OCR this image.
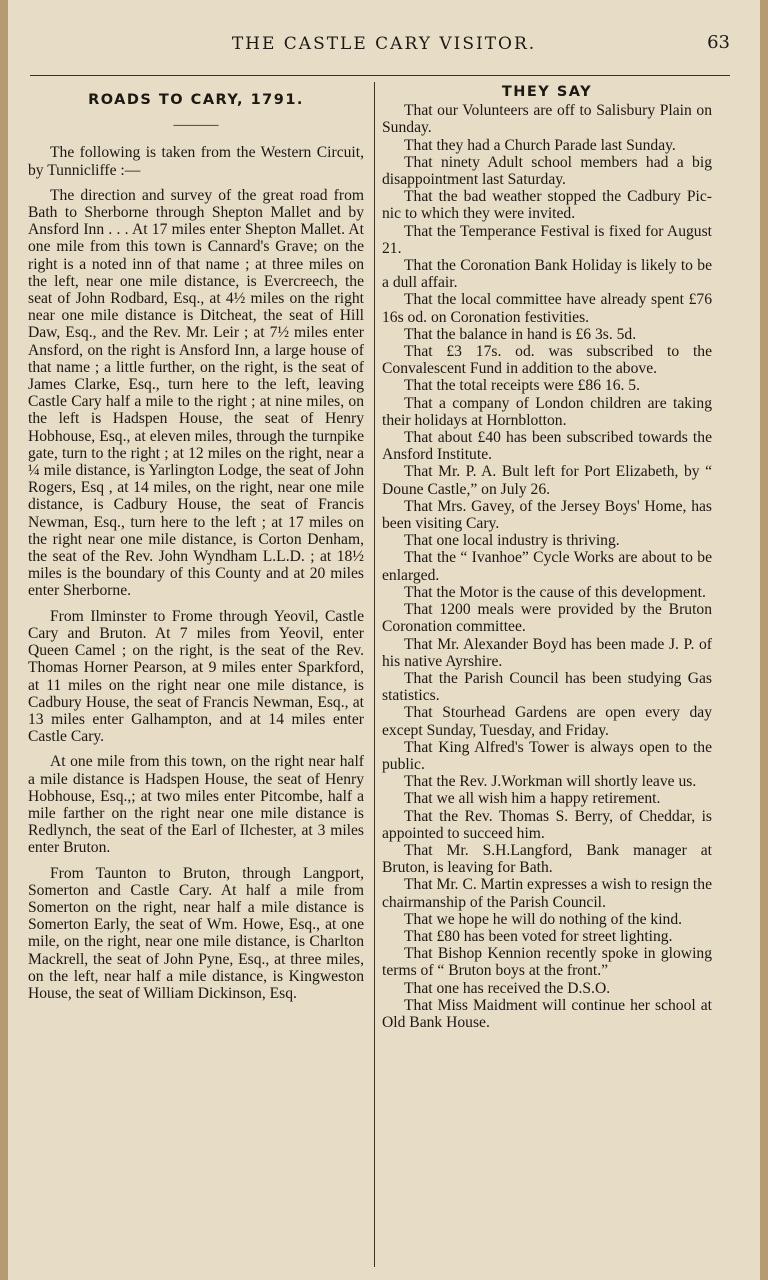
THE CASTLE CARY VISITOR.	63
ROADS TO CARY, 1791.
———

The following is taken from the Western Circuit, by Tunnicliffe :—

The direction and survey of the great road from Bath to Sherborne through Shepton Mallet and by Ansford Inn . . . At 17 miles enter Shepton Mallet. At one mile from this town is Cannard's Grave; on the right is a noted inn of that name ; at three miles on the left, near one mile distance, is Evercreech, the seat of John Rodbard, Esq., at 4½ miles on the right near one mile distance is Ditcheat, the seat of Hill Daw, Esq., and the Rev. Mr. Leir ; at 7½ miles enter Ansford, on the right is Ansford Inn, a large house of that name ; a little further, on the right, is the seat of James Clarke, Esq., turn here to the left, leaving Castle Cary half a mile to the right ; at nine miles, on the left is Hadspen House, the seat of Henry Hobhouse, Esq., at eleven miles, through the turnpike gate, turn to the right ; at 12 miles on the right, near a ¼ mile distance, is Yarlington Lodge, the seat of John Rogers, Esq , at 14 miles, on the right, near one mile distance, is Cadbury House, the seat of Francis Newman, Esq., turn here to the left ; at 17 miles on the right near one mile distance, is Corton Denham, the seat of the Rev. John Wyndham L.L.D. ; at 18½ miles is the boundary of this County and at 20 miles enter Sherborne.

From Ilminster to Frome through Yeovil, Castle Cary and Bruton. At 7 miles from Yeovil, enter Queen Camel ; on the right, is the seat of the Rev. Thomas Horner Pearson, at 9 miles enter Sparkford, at 11 miles on the right near one mile distance, is Cadbury House, the seat of Francis Newman, Esq., at 13 miles enter Galhampton, and at 14 miles enter Castle Cary.

At one mile from this town, on the right near half a mile distance is Hadspen House, the seat of Henry Hobhouse, Esq.,; at two miles enter Pitcombe, half a mile farther on the right near one mile distance is Redlynch, the seat of the Earl of Ilchester, at 3 miles enter Bruton.

From Taunton to Bruton, through Langport, Somerton and Castle Cary. At half a mile from Somerton on the right, near half a mile distance is Somerton Early, the seat of Wm. Howe, Esq., at one mile, on the right, near one mile distance, is Charlton Mackrell, the seat of John Pyne, Esq., at three miles, on the left, near half a mile distance, is Kingweston House, the seat of William Dickinson, Esq.

THEY SAY

That our Volunteers are off to Salisbury Plain on Sunday.

That they had a Church Parade last Sunday.

That ninety Adult school members had a big disappointment last Saturday.

That the bad weather stopped the Cadbury Pic-nic to which they were invited.

That the Temperance Festival is fixed for August 21.

That the Coronation Bank Holiday is likely to be a dull affair.

That the local committee have already spent £76 16s od. on Coronation festivities.

That the balance in hand is £6 3s. 5d.

That £3 17s. od. was subscribed to the Convalescent Fund in addition to the above.

That the total receipts were £86 16. 5.

That a company of London children are taking their holidays at Hornblotton.

That about £40 has been subscribed towards the Ansford Institute.

That Mr. P. A. Bult left for Port Elizabeth, by “ Doune Castle,” on July 26.

That Mrs. Gavey, of the Jersey Boys' Home, has been visiting Cary.

That one local industry is thriving.

That the “ Ivanhoe” Cycle Works are about to be enlarged.

That the Motor is the cause of this development.

That 1200 meals were provided by the Bruton Coronation committee.

That Mr. Alexander Boyd has been made J. P. of his native Ayrshire.

That the Parish Council has been studying Gas statistics.

That Stourhead Gardens are open every day except Sunday, Tuesday, and Friday.

That King Alfred's Tower is always open to the public.

That the Rev. J.Workman will shortly leave us.

That we all wish him a happy retirement.

That the Rev. Thomas S. Berry, of Cheddar, is appointed to succeed him.

That Mr. S.H.Langford, Bank manager at Bruton, is leaving for Bath.

That Mr. C. Martin expresses a wish to resign the chairmanship of the Parish Council.

That we hope he will do nothing of the kind.

That £80 has been voted for street lighting.

That Bishop Kennion recently spoke in glowing terms of “ Bruton boys at the front.”

That one has received the D.S.O.

That Miss Maidment will continue her school at Old Bank House.
